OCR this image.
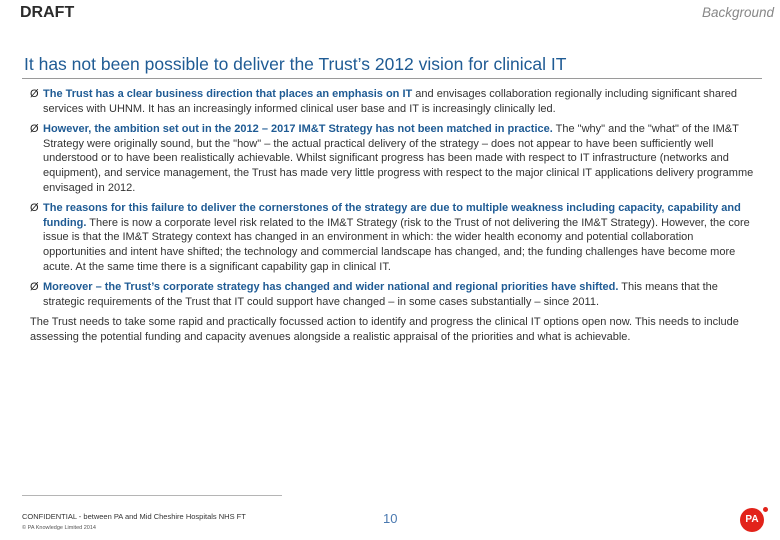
DRAFT	Background
It has not been possible to deliver the Trust’s 2012 vision for clinical IT
Ø The Trust has a clear business direction that places an emphasis on IT and envisages collaboration regionally including significant shared services with UHNM. It has an increasingly informed clinical user base and IT is increasingly clinically led.
Ø However, the ambition set out in the 2012 – 2017 IM&T Strategy has not been matched in practice. The "why" and the "what" of the IM&T Strategy were originally sound, but the "how" – the actual practical delivery of the strategy – does not appear to have been sufficiently well understood or to have been realistically achievable. Whilst significant progress has been made with respect to IT infrastructure (networks and equipment), and service management, the Trust has made very little progress with respect to the major clinical IT applications delivery programme envisaged in 2012.
Ø The reasons for this failure to deliver the cornerstones of the strategy are due to multiple weakness including capacity, capability and funding. There is now a corporate level risk related to the IM&T Strategy (risk to the Trust of not delivering the IM&T Strategy). However, the core issue is that the IM&T Strategy context has changed in an environment in which: the wider health economy and potential collaboration opportunities and intent have shifted; the technology and commercial landscape has changed, and; the funding challenges have become more acute. At the same time there is a significant capability gap in clinical IT.
Ø Moreover – the Trust’s corporate strategy has changed and wider national and regional priorities have shifted. This means that the strategic requirements of the Trust that IT could support have changed – in some cases substantially – since 2011.
The Trust needs to take some rapid and practically focussed action to identify and progress the clinical IT options open now. This needs to include assessing the potential funding and capacity avenues alongside a realistic appraisal of the priorities and what is achievable.
CONFIDENTIAL - between PA and Mid Cheshire Hospitals NHS FT
© PA Knowledge Limited 2014
10	PA
